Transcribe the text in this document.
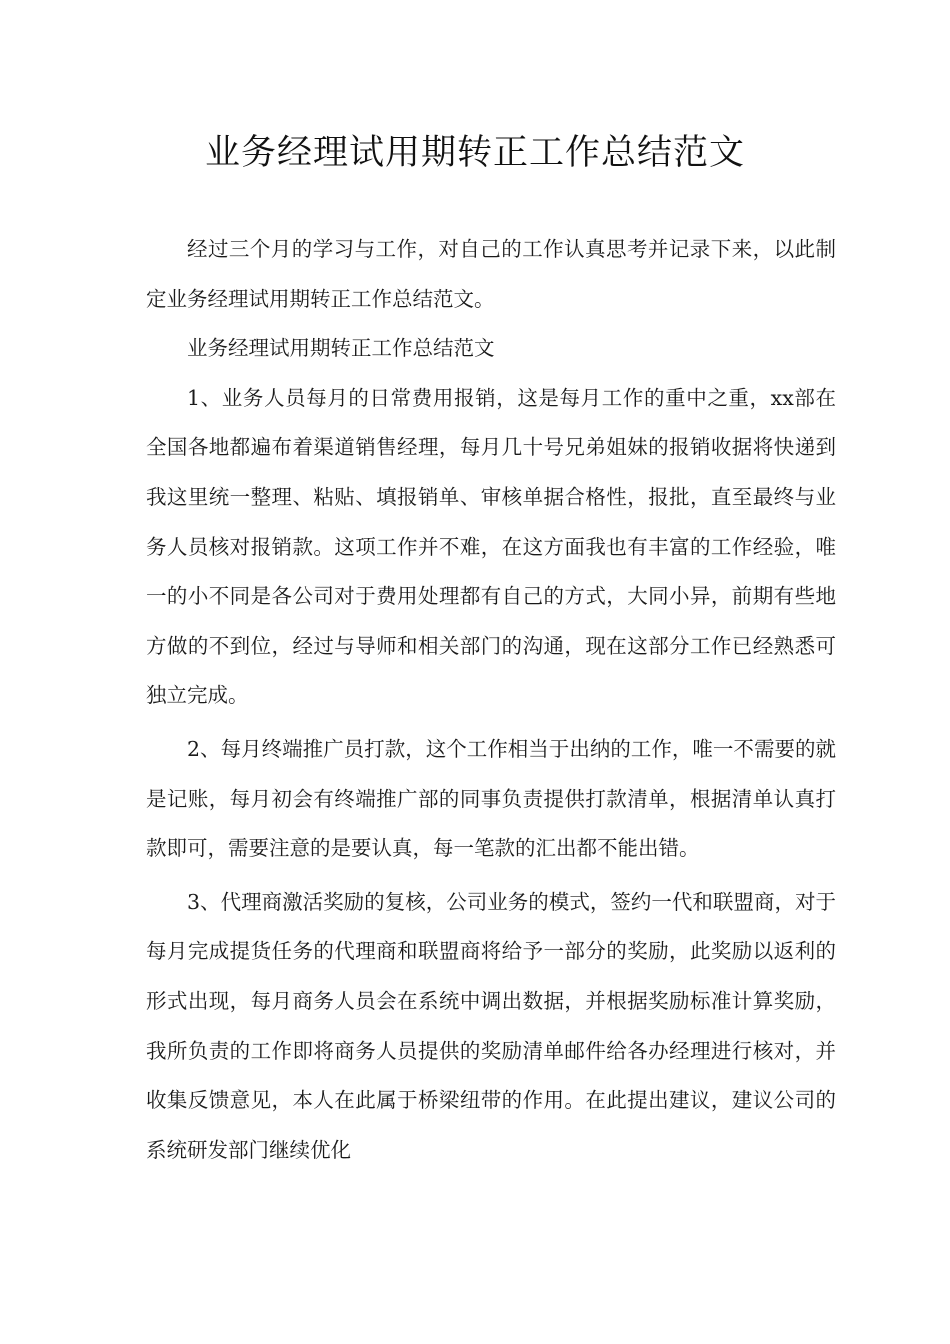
业务经理试用期转正工作总结范文

经过三个月的学习与工作，对自己的工作认真思考并记录下来，以此制定业务经理试用期转正工作总结范文。

业务经理试用期转正工作总结范文

1、业务人员每月的日常费用报销，这是每月工作的重中之重，xx部在全国各地都遍布着渠道销售经理，每月几十号兄弟姐妹的报销收据将快递到我这里统一整理、粘贴、填报销单、审核单据合格性，报批，直至最终与业务人员核对报销款。这项工作并不难，在这方面我也有丰富的工作经验，唯一的小不同是各公司对于费用处理都有自己的方式，大同小异，前期有些地方做的不到位，经过与导师和相关部门的沟通，现在这部分工作已经熟悉可独立完成。

2、每月终端推广员打款，这个工作相当于出纳的工作，唯一不需要的就是记账，每月初会有终端推广部的同事负责提供打款清单，根据清单认真打款即可，需要注意的是要认真，每一笔款的汇出都不能出错。

3、代理商激活奖励的复核，公司业务的模式，签约一代和联盟商，对于每月完成提货任务的代理商和联盟商将给予一部分的奖励，此奖励以返利的形式出现，每月商务人员会在系统中调出数据，并根据奖励标准计算奖励，我所负责的工作即将商务人员提供的奖励清单邮件给各办经理进行核对，并收集反馈意见，本人在此属于桥梁纽带的作用。在此提出建议，建议公司的系统研发部门继续优化
